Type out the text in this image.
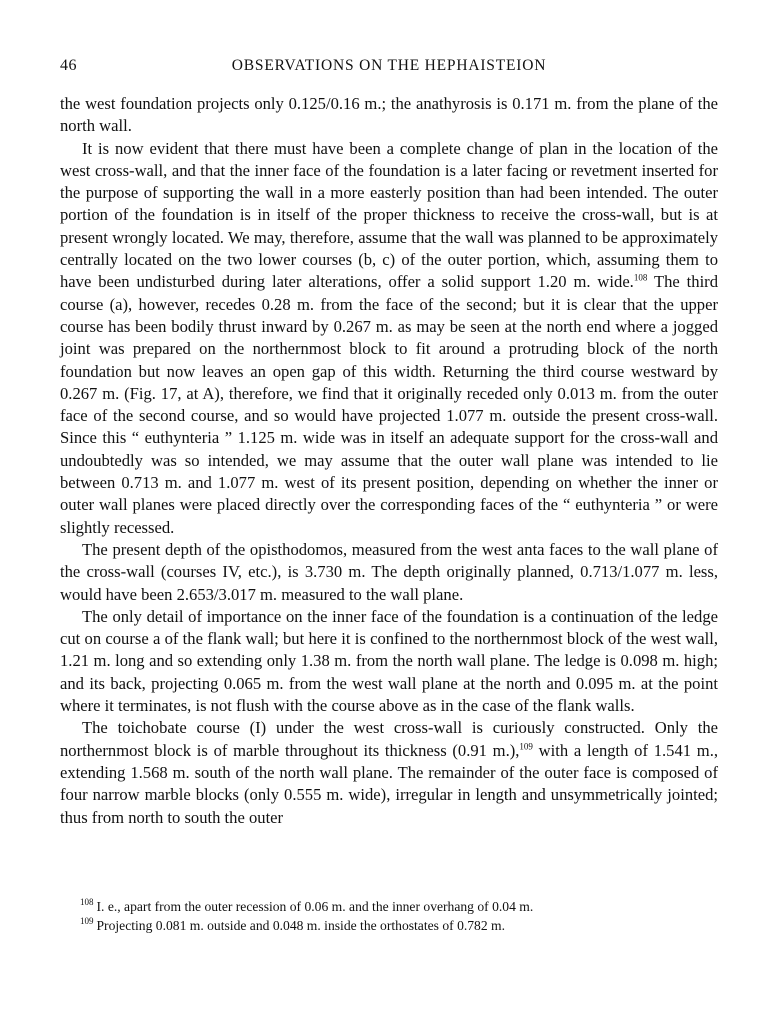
46	OBSERVATIONS ON THE HEPHAISTEION

the west foundation projects only 0.125/0.16 m.; the anathyrosis is 0.171 m. from the plane of the north wall.

It is now evident that there must have been a complete change of plan in the location of the west cross-wall, and that the inner face of the foundation is a later facing or revetment inserted for the purpose of supporting the wall in a more easterly position than had been intended. The outer portion of the foundation is in itself of the proper thickness to receive the cross-wall, but is at present wrongly located. We may, therefore, assume that the wall was planned to be approximately centrally located on the two lower courses (b, c) of the outer portion, which, assuming them to have been undisturbed during later alterations, offer a solid support 1.20 m. wide.$^{108}$ The third course (a), however, recedes 0.28 m. from the face of the second; but it is clear that the upper course has been bodily thrust inward by 0.267 m. as may be seen at the north end where a jogged joint was prepared on the northernmost block to fit around a protruding block of the north foundation but now leaves an open gap of this width. Returning the third course westward by 0.267 m. (Fig. 17, at A), therefore, we find that it originally receded only 0.013 m. from the outer face of the second course, and so would have projected 1.077 m. outside the present cross-wall. Since this “ euthynteria ” 1.125 m. wide was in itself an adequate support for the cross-wall and undoubtedly was so intended, we may assume that the outer wall plane was intended to lie between 0.713 m. and 1.077 m. west of its present position, depending on whether the inner or outer wall planes were placed directly over the corresponding faces of the “ euthynteria ” or were slightly recessed.

The present depth of the opisthodomos, measured from the west anta faces to the wall plane of the cross-wall (courses IV, etc.), is 3.730 m. The depth originally planned, 0.713/1.077 m. less, would have been 2.653/3.017 m. measured to the wall plane.

The only detail of importance on the inner face of the foundation is a continuation of the ledge cut on course a of the flank wall; but here it is confined to the northernmost block of the west wall, 1.21 m. long and so extending only 1.38 m. from the north wall plane. The ledge is 0.098 m. high; and its back, projecting 0.065 m. from the west wall plane at the north and 0.095 m. at the point where it terminates, is not flush with the course above as in the case of the flank walls.

The toichobate course (I) under the west cross-wall is curiously constructed. Only the northernmost block is of marble throughout its thickness (0.91 m.),$^{109}$ with a length of 1.541 m., extending 1.568 m. south of the north wall plane. The remainder of the outer face is composed of four narrow marble blocks (only 0.555 m. wide), irregular in length and unsymmetrically jointed; thus from north to south the outer

$^{108}$ I. e., apart from the outer recession of 0.06 m. and the inner overhang of 0.04 m.
$^{109}$ Projecting 0.081 m. outside and 0.048 m. inside the orthostates of 0.782 m.
